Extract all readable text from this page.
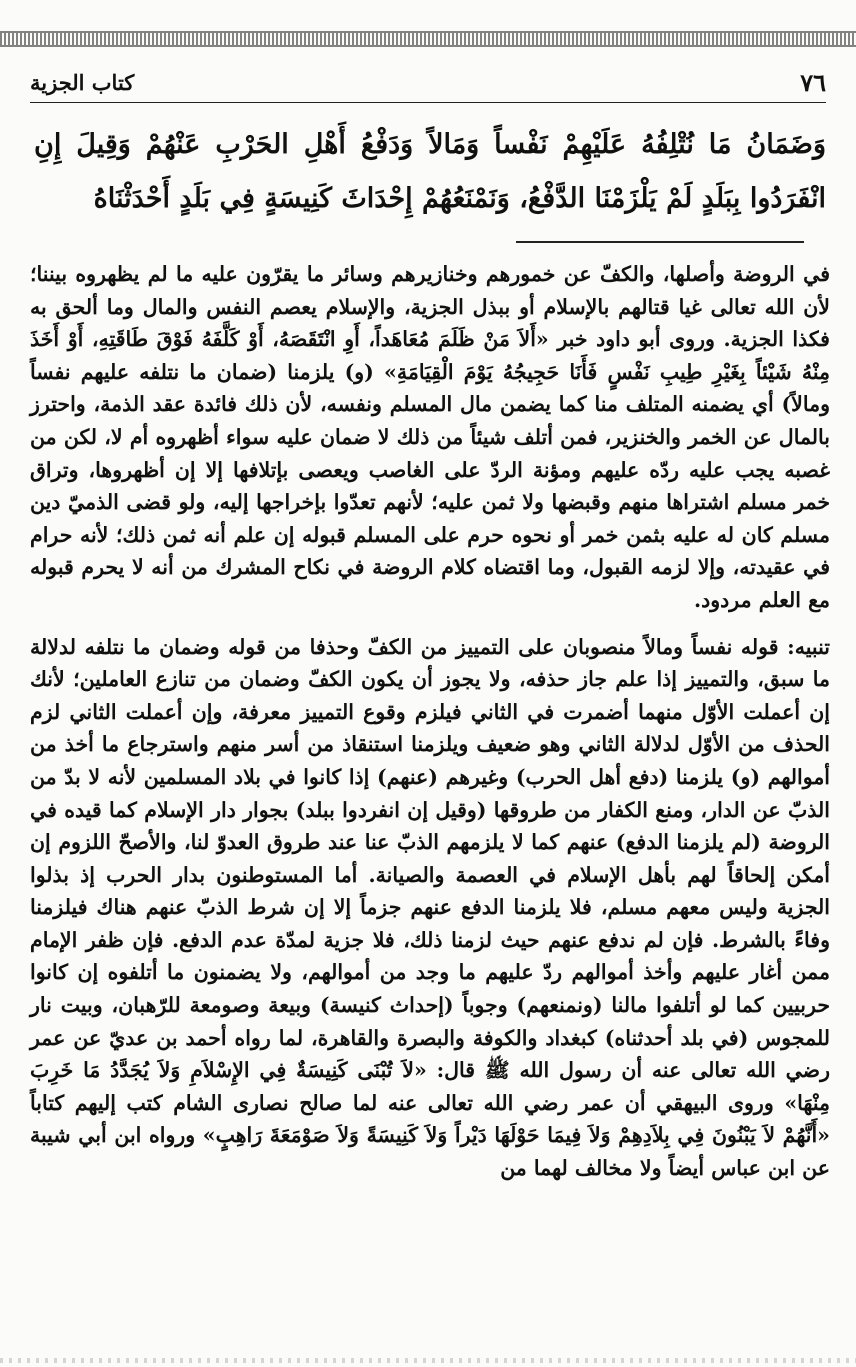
٧٦
كتاب الجزية
وَضَمَانُ مَا نُتْلِفُهُ عَلَيْهِمْ نَفْساً وَمَالاً وَدَفْعُ أَهْلِ الحَرْبِ عَنْهُمْ وَقِيلَ إِنِ انْفَرَدُوا بِبَلَدٍ لَمْ يَلْزَمْنَا الدَّفْعُ، وَنَمْنَعُهُمْ إِحْدَاثَ كَنِيسَةٍ فِي بَلَدٍ أَحْدَثْنَاهُ

في الروضة وأصلها، والكفّ عن خمورهم وخنازيرهم وسائر ما يقرّون عليه ما لم يظهروه بيننا؛ لأن الله تعالى غيا قتالهم بالإسلام أو ببذل الجزية، والإسلام يعصم النفس والمال وما ألحق به فكذا الجزية. وروى أبو داود خبر «أَلاَ مَنْ ظَلَمَ مُعَاهَداً، أَوِ انْتَقَصَهُ، أَوْ كَلَّفَهُ فَوْقَ طَاقَتِهِ، أَوْ أَخَذَ مِنْهُ شَيْئاً بِغَيْرِ طِيبِ نَفْسٍ فَأَنَا حَجِيجُهُ يَوْمَ الْقِيَامَةِ» (و) يلزمنا (ضمان ما نتلفه عليهم نفساً ومالاً) أي يضمنه المتلف منا كما يضمن مال المسلم ونفسه، لأن ذلك فائدة عقد الذمة، واحترز بالمال عن الخمر والخنزير، فمن أتلف شيئاً من ذلك لا ضمان عليه سواء أظهروه أم لا، لكن من غصبه يجب عليه ردّه عليهم ومؤنة الردّ على الغاصب ويعصى بإتلافها إلا إن أظهروها، وتراق خمر مسلم اشتراها منهم وقبضها ولا ثمن عليه؛ لأنهم تعدّوا بإخراجها إليه، ولو قضى الذميّ دين مسلم كان له عليه بثمن خمر أو نحوه حرم على المسلم قبوله إن علم أنه ثمن ذلك؛ لأنه حرام في عقيدته، وإلا لزمه القبول، وما اقتضاه كلام الروضة في نكاح المشرك من أنه لا يحرم قبوله مع العلم مردود.

تنبيه: قوله نفساً ومالاً منصوبان على التمييز من الكفّ وحذفا من قوله وضمان ما نتلفه لدلالة ما سبق، والتمييز إذا علم جاز حذفه، ولا يجوز أن يكون الكفّ وضمان من تنازع العاملين؛ لأنك إن أعملت الأوّل منهما أضمرت في الثاني فيلزم وقوع التمييز معرفة، وإن أعملت الثاني لزم الحذف من الأوّل لدلالة الثاني وهو ضعيف ويلزمنا استنقاذ من أسر منهم واسترجاع ما أخذ من أموالهم (و) يلزمنا (دفع أهل الحرب) وغيرهم (عنهم) إذا كانوا في بلاد المسلمين لأنه لا بدّ من الذبّ عن الدار، ومنع الكفار من طروقها (وقيل إن انفردوا ببلد) بجوار دار الإسلام كما قيده في الروضة (لم يلزمنا الدفع) عنهم كما لا يلزمهم الذبّ عنا عند طروق العدوّ لنا، والأصحّ اللزوم إن أمكن إلحاقاً لهم بأهل الإسلام في العصمة والصيانة. أما المستوطنون بدار الحرب إذ بذلوا الجزية وليس معهم مسلم، فلا يلزمنا الدفع عنهم جزماً إلا إن شرط الذبّ عنهم هناك فيلزمنا وفاءً بالشرط. فإن لم ندفع عنهم حيث لزمنا ذلك، فلا جزية لمدّة عدم الدفع. فإن ظفر الإمام ممن أغار عليهم وأخذ أموالهم ردّ عليهم ما وجد من أموالهم، ولا يضمنون ما أتلفوه إن كانوا حربيين كما لو أتلفوا مالنا (ونمنعهم) وجوباً (إحداث كنيسة) وبيعة وصومعة للرّهبان، وبيت نار للمجوس (في بلد أحدثناه) كبغداد والكوفة والبصرة والقاهرة، لما رواه أحمد بن عديّ عن عمر رضي الله تعالى عنه أن رسول الله ﷺ قال: «لاَ تُبْنَى كَنِيسَةٌ فِي الإِسْلاَمِ وَلاَ يُجَدَّدُ مَا خَرِبَ مِنْهَا» وروى البيهقي أن عمر رضي الله تعالى عنه لما صالح نصارى الشام كتب إليهم كتاباً «أَنَّهُمْ لاَ يَبْنُونَ فِي بِلاَدِهِمْ وَلاَ فِيمَا حَوْلَهَا دَيْراً وَلاَ كَنِيسَةً وَلاَ صَوْمَعَةَ رَاهِبٍ» ورواه ابن أبي شيبة عن ابن عباس أيضاً ولا مخالف لهما من
